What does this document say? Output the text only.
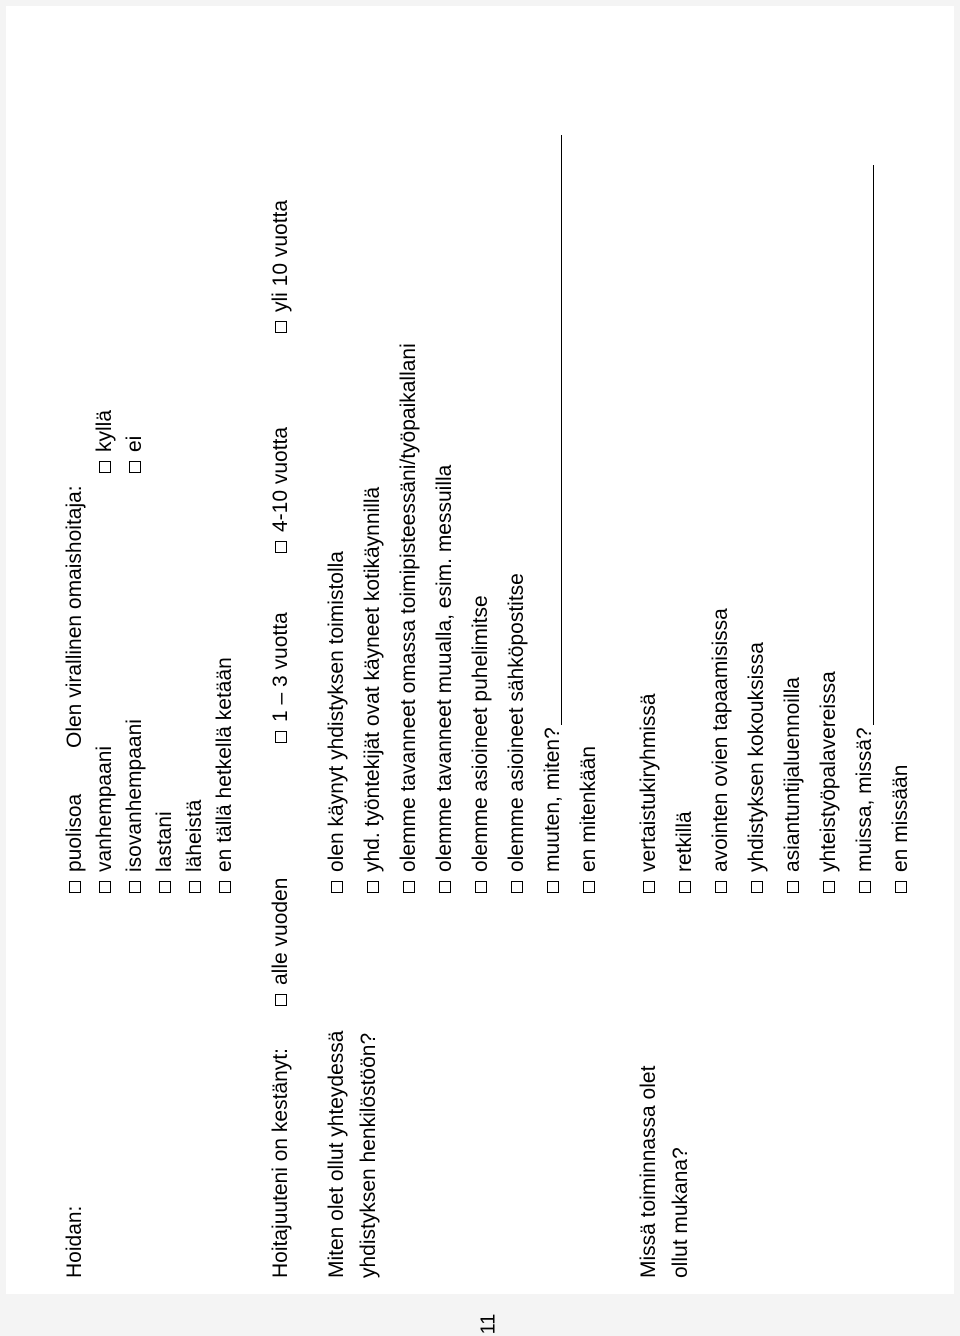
Hoidan:
puolisoa vanhempaani isovanhempaani lastani läheistä en tällä hetkellä ketään
Olen virallinen omaishoitaja:
kyllä ei
Hoitajuuteni on kestänyt:
alle vuoden
1 – 3 vuotta
4-10 vuotta
yli 10 vuotta
Miten olet ollut yhteydessä yhdistyksen henkilöstöön?
olen käynyt yhdistyksen toimistolla yhd. työntekijät ovat käyneet kotikäynnillä olemme tavanneet omassa toimipisteessäni/työpaikallani olemme tavanneet muualla, esim. messuilla olemme asioineet puhelimitse olemme asioineet sähköpostitse muuten, miten? en mitenkään
Missä toiminnassa olet ollut mukana?
vertaistukiryhmissä retkillä avointen ovien tapaamisissa yhdistyksen kokouksissa asiantuntijaluennoilla yhteistyöpalavereissa muissa, missä? en missään
11
